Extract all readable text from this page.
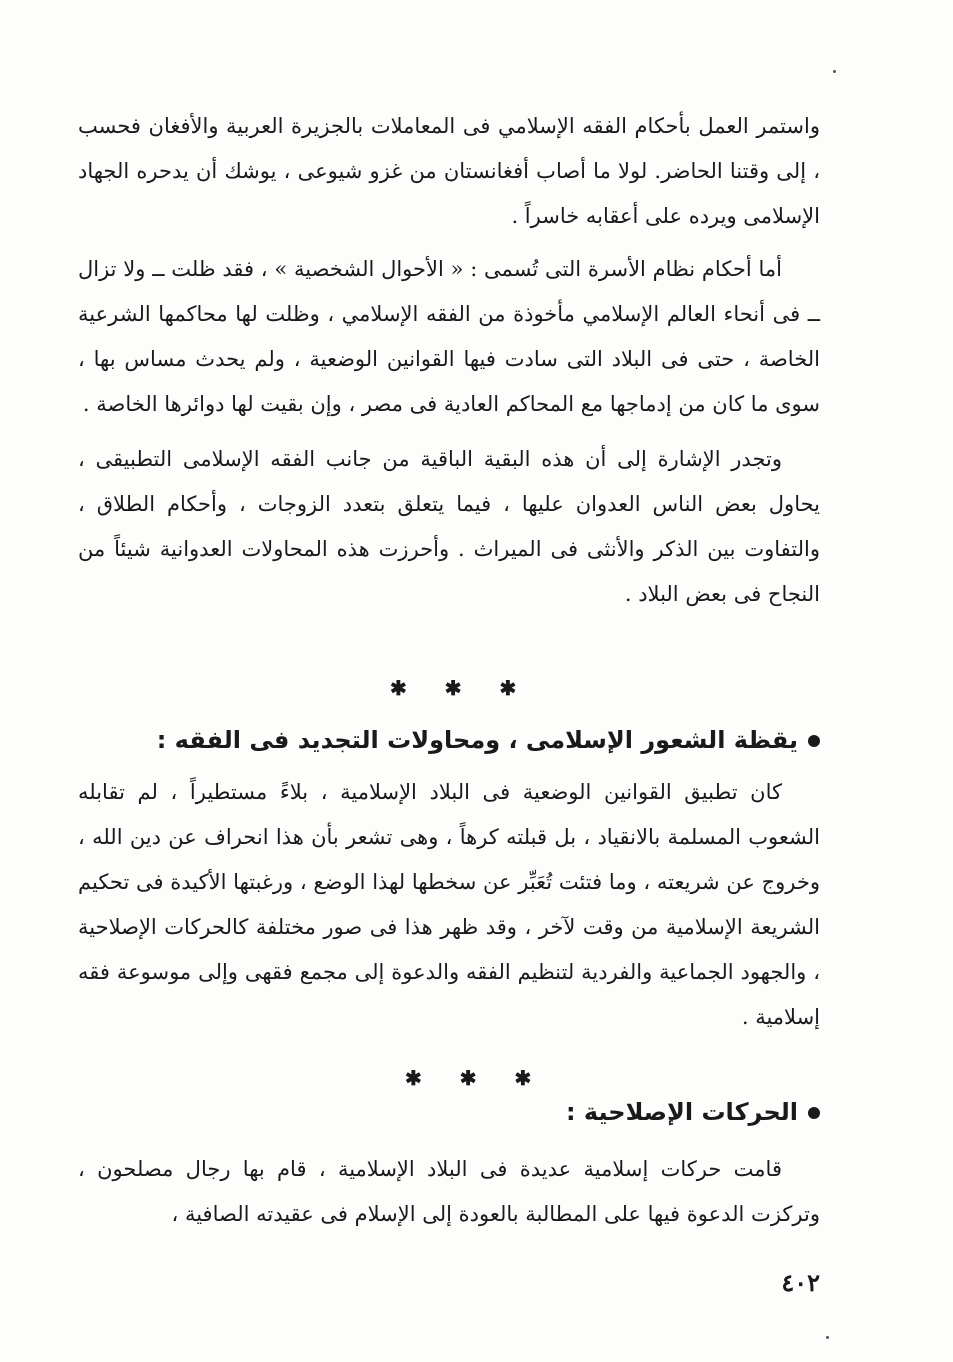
واستمر العمل بأحكام الفقه الإسلامي فى المعاملات بالجزيرة العربية والأفغان فحسب ، إلى وقتنا الحاضر. لولا ما أصاب أفغانستان من غزو شيوعى ، يوشك أن يدحره الجهاد الإسلامى ويرده على أعقابه خاسراً .

أما أحكام نظام الأسرة التى تُسمى : « الأحوال الشخصية » ، فقد ظلت ــ ولا تزال ــ فى أنحاء العالم الإسلامي مأخوذة من الفقه الإسلامي ، وظلت لها محاكمها الشرعية الخاصة ، حتى فى البلاد التى سادت فيها القوانين الوضعية ، ولم يحدث مساس بها ، سوى ما كان من إدماجها مع المحاكم العادية فى مصر ، وإن بقيت لها دوائرها الخاصة .

وتجدر الإشارة إلى أن هذه البقية الباقية من جانب الفقه الإسلامى التطبيقى ، يحاول بعض الناس العدوان عليها ، فيما يتعلق بتعدد الزوجات ، وأحكام الطلاق ، والتفاوت بين الذكر والأنثى فى الميراث . وأحرزت هذه المحاولات العدوانية شيئاً من النجاح فى بعض البلاد .

✱ ✱ ✱
يقظة الشعور الإسلامى ، ومحاولات التجديد فى الفقه :

كان تطبيق القوانين الوضعية فى البلاد الإسلامية ، بلاءً مستطيراً ، لم تقابله الشعوب المسلمة بالانقياد ، بل قبلته كرهاً ، وهى تشعر بأن هذا انحراف عن دين الله ، وخروج عن شريعته ، وما فتئت تُعَبِّر عن سخطها لهذا الوضع ، ورغبتها الأكيدة فى تحكيم الشريعة الإسلامية من وقت لآخر ، وقد ظهر هذا فى صور مختلفة كالحركات الإصلاحية ، والجهود الجماعية والفردية لتنظيم الفقه والدعوة إلى مجمع فقهى وإلى موسوعة فقه إسلامية .

✱ ✱ ✱
الحركات الإصلاحية :

قامت حركات إسلامية عديدة فى البلاد الإسلامية ، قام بها رجال مصلحون ، وتركزت الدعوة فيها على المطالبة بالعودة إلى الإسلام فى عقيدته الصافية ،

٤٠٢
